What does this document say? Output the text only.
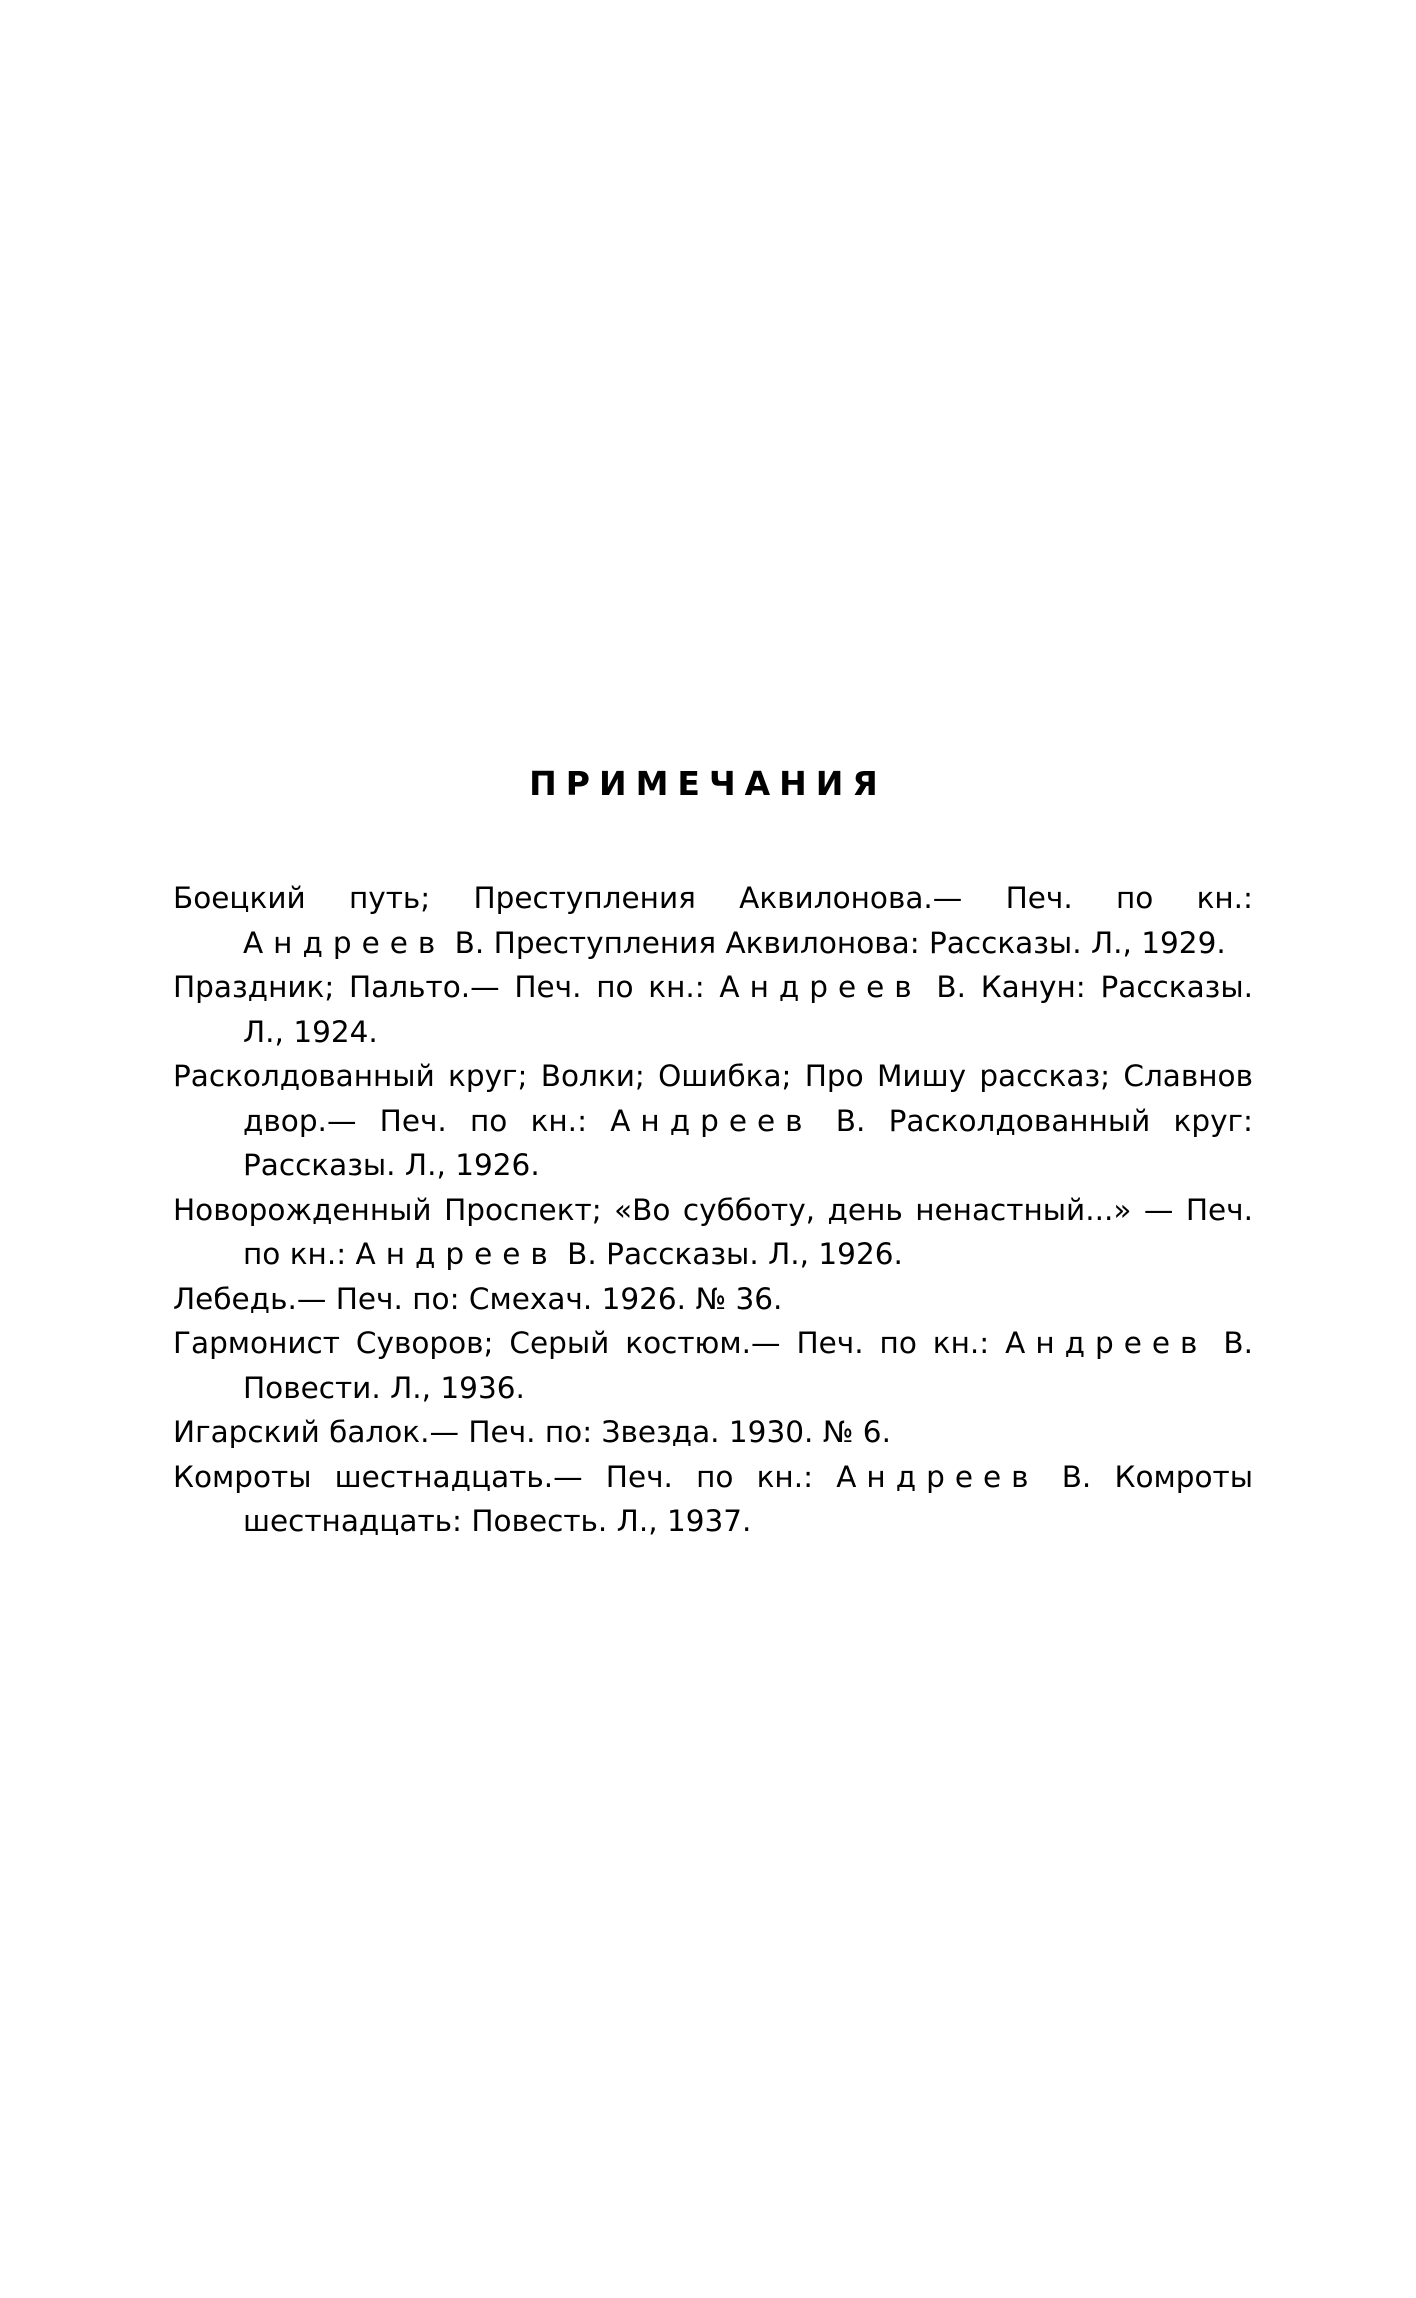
ПРИМЕЧАНИЯ

Боецкий путь; Преступления Аквилонова.— Печ. по кн.: Андреев В. Преступления Аквилонова: Рассказы. Л., 1929.

Праздник; Пальто.— Печ. по кн.: Андреев В. Канун: Рассказы. Л., 1924.

Расколдованный круг; Волки; Ошибка; Про Мишу рассказ; Славнов двор.— Печ. по кн.: Андреев В. Расколдованный круг: Рассказы. Л., 1926.

Новорожденный Проспект; «Во субботу, день ненастный...» — Печ. по кн.: Андреев В. Рассказы. Л., 1926.

Лебедь.— Печ. по: Смехач. 1926. № 36.

Гармонист Суворов; Серый костюм.— Печ. по кн.: Андреев В. Повести. Л., 1936.

Игарский балок.— Печ. по: Звезда. 1930. № 6.

Комроты шестнадцать.— Печ. по кн.: Андреев В. Комроты шестнадцать: Повесть. Л., 1937.
